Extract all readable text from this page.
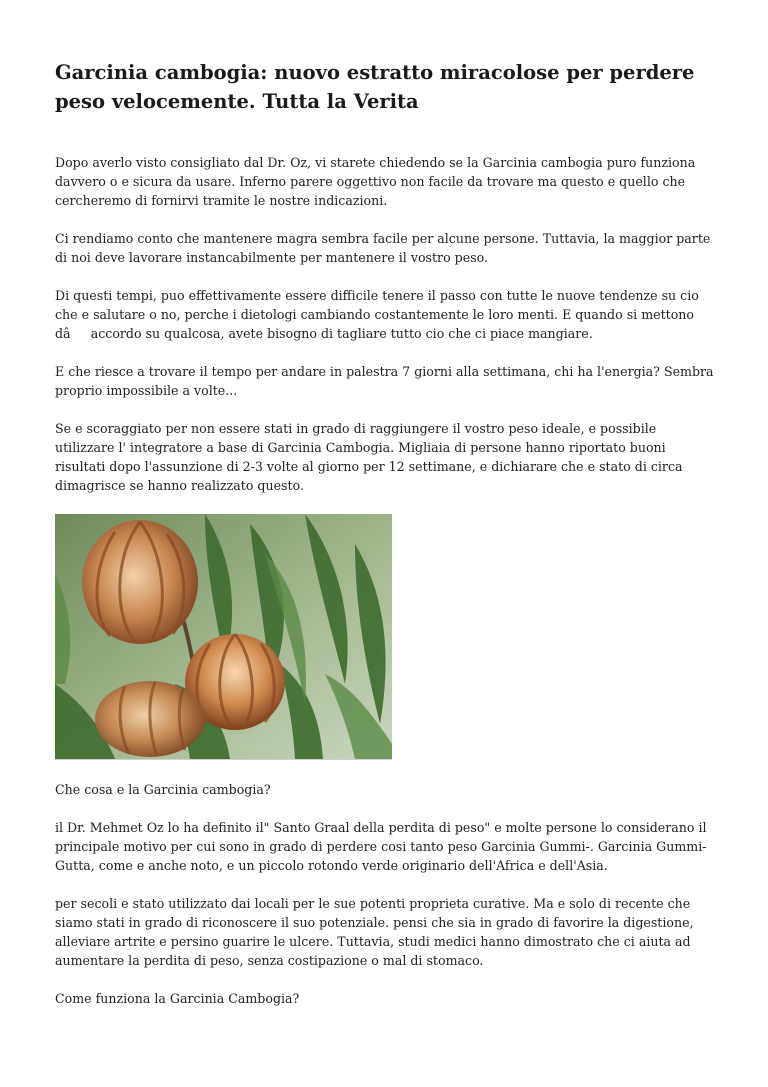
Garcinia cambogia: nuovo estratto miracolose per perdere peso velocemente. Tutta la Verita

Dopo averlo visto consigliato dal Dr. Oz, vi starete chiedendo se la Garcinia cambogia puro funziona davvero o e sicura da usare. Inferno parere oggettivo non facile da trovare ma questo e quello che cercheremo di fornirvi tramite le nostre indicazioni.

Ci rendiamo conto che mantenere magra sembra facile per alcune persone. Tuttavia, la maggior parte di noi deve lavorare instancabilmente per mantenere il vostro peso.

Di questi tempi, puo effettivamente essere difficile tenere il passo con tutte le nuove tendenze su cio che e salutare o no, perche i dietologi cambiando costantemente le loro menti. E quando si mettono dâaccordo su qualcosa, avete bisogno di tagliare tutto cio che ci piace mangiare.

E che riesce a trovare il tempo per andare in palestra 7 giorni alla settimana, chi ha l'energia? Sembra proprio impossibile a volte...

Se e scoraggiato per non essere stati in grado di raggiungere il vostro peso ideale, e possibile utilizzare l' integratore a base di Garcinia Cambogia. Migliaia di persone hanno riportato buoni risultati dopo l'assunzione di 2-3 volte al giorno per 12 settimane, e dichiarare che e stato di circa dimagrisce se hanno realizzato questo.

Che cosa e la Garcinia cambogia?

il Dr. Mehmet Oz lo ha definito il" Santo Graal della perdita di peso" e molte persone lo considerano il principale motivo per cui sono in grado di perdere cosi tanto peso Garcinia Gummi-. Garcinia Gummi-Gutta, come e anche noto, e un piccolo rotondo verde originario dell'Africa e dell'Asia.

per secoli e stato utilizzato dai locali per le sue potenti proprieta curative. Ma e solo di recente che siamo stati in grado di riconoscere il suo potenziale. pensi che sia in grado di favorire la digestione, alleviare artrite e persino guarire le ulcere. Tuttavia, studi medici hanno dimostrato che ci aiuta ad aumentare la perdita di peso, senza costipazione o mal di stomaco.

Come funziona la Garcinia Cambogia?
